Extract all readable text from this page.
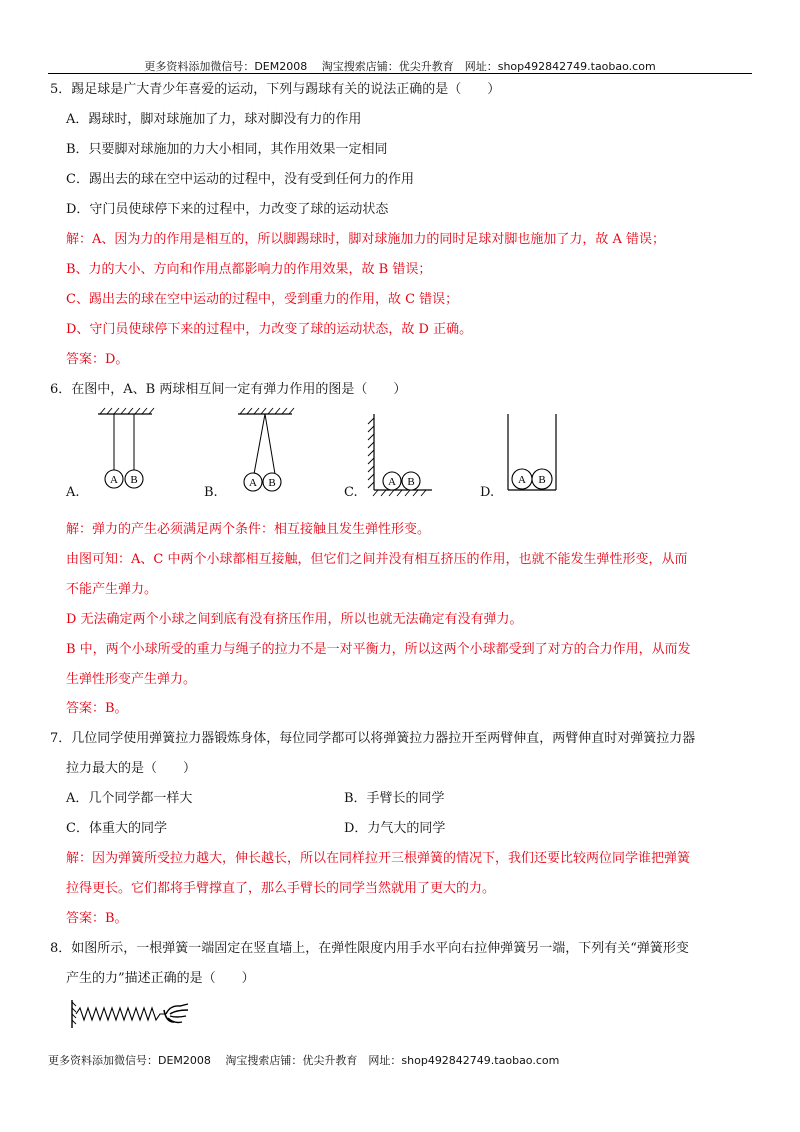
更多资料添加微信号：DEM2008　 淘宝搜索店铺：优尖升教育　网址：shop492842749.taobao.com
5．踢足球是广大青少年喜爱的运动，下列与踢球有关的说法正确的是（　　）
A．踢球时，脚对球施加了力，球对脚没有力的作用
B．只要脚对球施加的力大小相同，其作用效果一定相同
C．踢出去的球在空中运动的过程中，没有受到任何力的作用
D．守门员使球停下来的过程中，力改变了球的运动状态
解：A、因为力的作用是相互的，所以脚踢球时，脚对球施加力的同时足球对脚也施加了力，故 A 错误；
B、力的大小、方向和作用点都影响力的作用效果，故 B 错误；
C、踢出去的球在空中运动的过程中，受到重力的作用，故 C 错误；
D、守门员使球停下来的过程中，力改变了球的运动状态，故 D 正确。
答案：D。
6．在图中，A、B 两球相互间一定有弹力作用的图是（　　）
A B
A.
A B
B.
A B
C.
A B
D.
解：弹力的产生必须满足两个条件：相互接触且发生弹性形变。
由图可知：A、C 中两个小球都相互接触，但它们之间并没有相互挤压的作用，也就不能发生弹性形变，从而
不能产生弹力。
D 无法确定两个小球之间到底有没有挤压作用，所以也就无法确定有没有弹力。
B 中，两个小球所受的重力与绳子的拉力不是一对平衡力，所以这两个小球都受到了对方的合力作用，从而发
生弹性形变产生弹力。
答案：B。
7．几位同学使用弹簧拉力器锻炼身体，每位同学都可以将弹簧拉力器拉开至两臂伸直，两臂伸直时对弹簧拉力器
拉力最大的是（　　）
A．几个同学都一样大	B．手臂长的同学
C．体重大的同学	D．力气大的同学
解：因为弹簧所受拉力越大，伸长越长，所以在同样拉开三根弹簧的情况下，我们还要比较两位同学谁把弹簧
拉得更长。它们都将手臂撑直了，那么手臂长的同学当然就用了更大的力。
答案：B。
8．如图所示，一根弹簧一端固定在竖直墙上，在弹性限度内用手水平向右拉伸弹簧另一端，下列有关“弹簧形变
产生的力”描述正确的是（　　）
更多资料添加微信号：DEM2008　 淘宝搜索店铺：优尖升教育　网址：shop492842749.taobao.com
